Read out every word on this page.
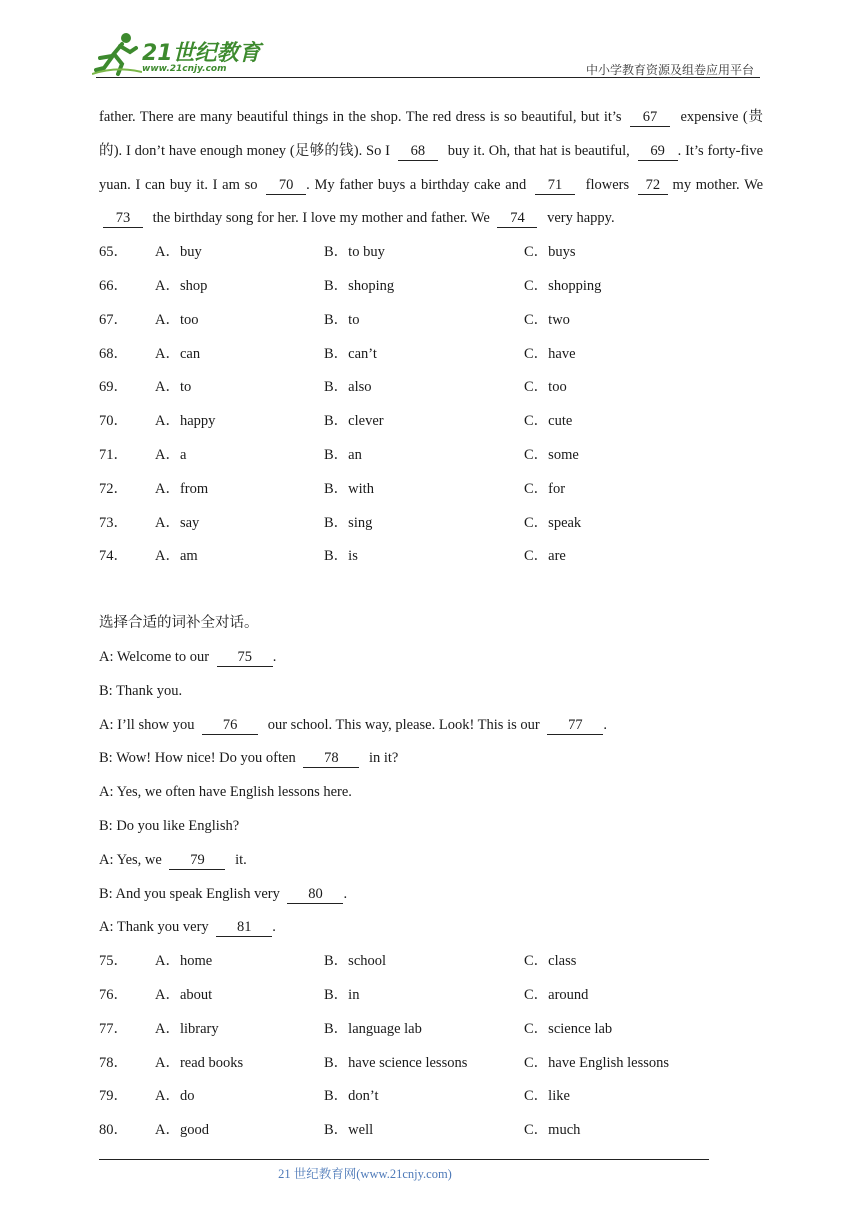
21世纪教育
www.21cnjy.com	中小学教育资源及组卷应用平台

father. There are many beautiful things in the shop. The red dress is so beautiful, but it’s 67 expensive (贵的). I don’t have enough money (足够的钱). So I 68 buy it. Oh, that hat is beautiful, 69 . It’s forty-five yuan. I can buy it. I am so 70 . My father buys a birthday cake and 71 flowers 72 my mother. We 73 the birthday song for her. I love my mother and father. We 74 very happy.

65． A．buy	B．to buy	C．buys
66． A．shop	B．shoping	C．shopping
67． A．too	B．to	C．two
68． A．can	B．can’t	C．have
69． A．to	B．also	C．too
70． A．happy	B．clever	C．cute
71． A．a	B．an	C．some
72． A．from	B．with	C．for
73． A．say	B．sing	C．speak
74． A．am	B．is	C．are
选择合适的词补全对话。
A: Welcome to our 75 .
B: Thank you.
A: I’ll show you 76 our school. This way, please. Look! This is our 77 .
B: Wow! How nice! Do you often 78 in it?
A: Yes, we often have English lessons here.
B: Do you like English?
A: Yes, we 79 it.
B: And you speak English very 80 .
A: Thank you very 81 .
75． A．home	B．school	C．class
76． A．about	B．in	C．around
77． A．library	B．language lab	C．science lab
78． A．read books	B．have science lessons	C．have English lessons
79． A．do	B．don’t	C．like
80． A．good	B．well	C．much
21 世纪教育网(www.21cnjy.com)
